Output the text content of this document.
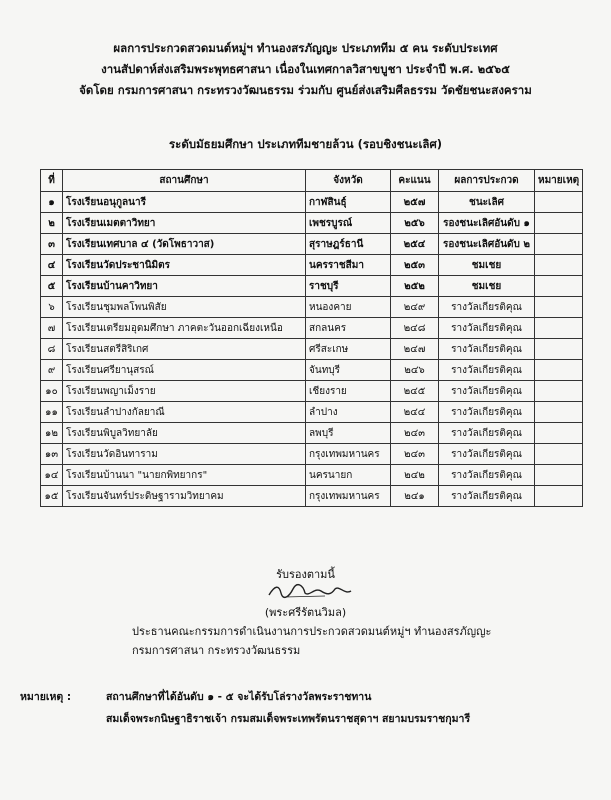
ผลการประกวดสวดมนต์หมู่ฯ ทำนองสรภัญญะ ประเภททีม ๕ คน ระดับประเทศ
งานสัปดาห์ส่งเสริมพระพุทธศาสนา เนื่องในเทศกาลวิสาขบูชา ประจำปี พ.ศ. ๒๕๖๕
จัดโดย กรมการศาสนา กระทรวงวัฒนธรรม ร่วมกับ ศูนย์ส่งเสริมศีลธรรม วัดชัยชนะสงคราม
ระดับมัธยมศึกษา ประเภททีมชายล้วน (รอบชิงชนะเลิศ)
ที่	สถานศึกษา	จังหวัด	คะแนน	ผลการประกวด	หมายเหตุ
๑	โรงเรียนอนุกูลนารี	กาฬสินธุ์	๒๕๗	ชนะเลิศ	
๒	โรงเรียนเมตตาวิทยา	เพชรบูรณ์	๒๕๖	รองชนะเลิศอันดับ ๑	
๓	โรงเรียนเทศบาล ๔ (วัดโพธาวาส)	สุราษฎร์ธานี	๒๕๔	รองชนะเลิศอันดับ ๒	
๔	โรงเรียนวัดประชานิมิตร	นครราชสีมา	๒๕๓	ชมเชย	
๕	โรงเรียนบ้านคาวิทยา	ราชบุรี	๒๕๒	ชมเชย	
๖	โรงเรียนชุมพลโพนพิสัย	หนองคาย	๒๔๙	รางวัลเกียรติคุณ	
๗	โรงเรียนเตรียมอุดมศึกษา ภาคตะวันออกเฉียงเหนือ	สกลนคร	๒๔๘	รางวัลเกียรติคุณ	
๘	โรงเรียนสตรีสิริเกศ	ศรีสะเกษ	๒๔๗	รางวัลเกียรติคุณ	
๙	โรงเรียนศรียานุสรณ์	จันทบุรี	๒๔๖	รางวัลเกียรติคุณ	
๑๐	โรงเรียนพญาเม็งราย	เชียงราย	๒๔๕	รางวัลเกียรติคุณ	
๑๑	โรงเรียนลำปางกัลยาณี	ลำปาง	๒๔๔	รางวัลเกียรติคุณ	
๑๒	โรงเรียนพิบูลวิทยาลัย	ลพบุรี	๒๔๓	รางวัลเกียรติคุณ	
๑๓	โรงเรียนวัดอินทาราม	กรุงเทพมหานคร	๒๔๓	รางวัลเกียรติคุณ	
๑๔	โรงเรียนบ้านนา "นายกพิทยากร"	นครนายก	๒๔๒	รางวัลเกียรติคุณ	
๑๕	โรงเรียนจันทร์ประดิษฐารามวิทยาคม	กรุงเทพมหานคร	๒๔๑	รางวัลเกียรติคุณ	
รับรองตามนี้
(พระศรีรัตนวิมล)
ประธานคณะกรรมการดำเนินงานการประกวดสวดมนต์หมู่ฯ ทำนองสรภัญญะ
กรมการศาสนา กระทรวงวัฒนธรรม
หมายเหตุ :	สถานศึกษาที่ได้อันดับ ๑ - ๕ จะได้รับโล่รางวัลพระราชทาน
สมเด็จพระกนิษฐาธิราชเจ้า กรมสมเด็จพระเทพรัตนราชสุดาฯ สยามบรมราชกุมารี
